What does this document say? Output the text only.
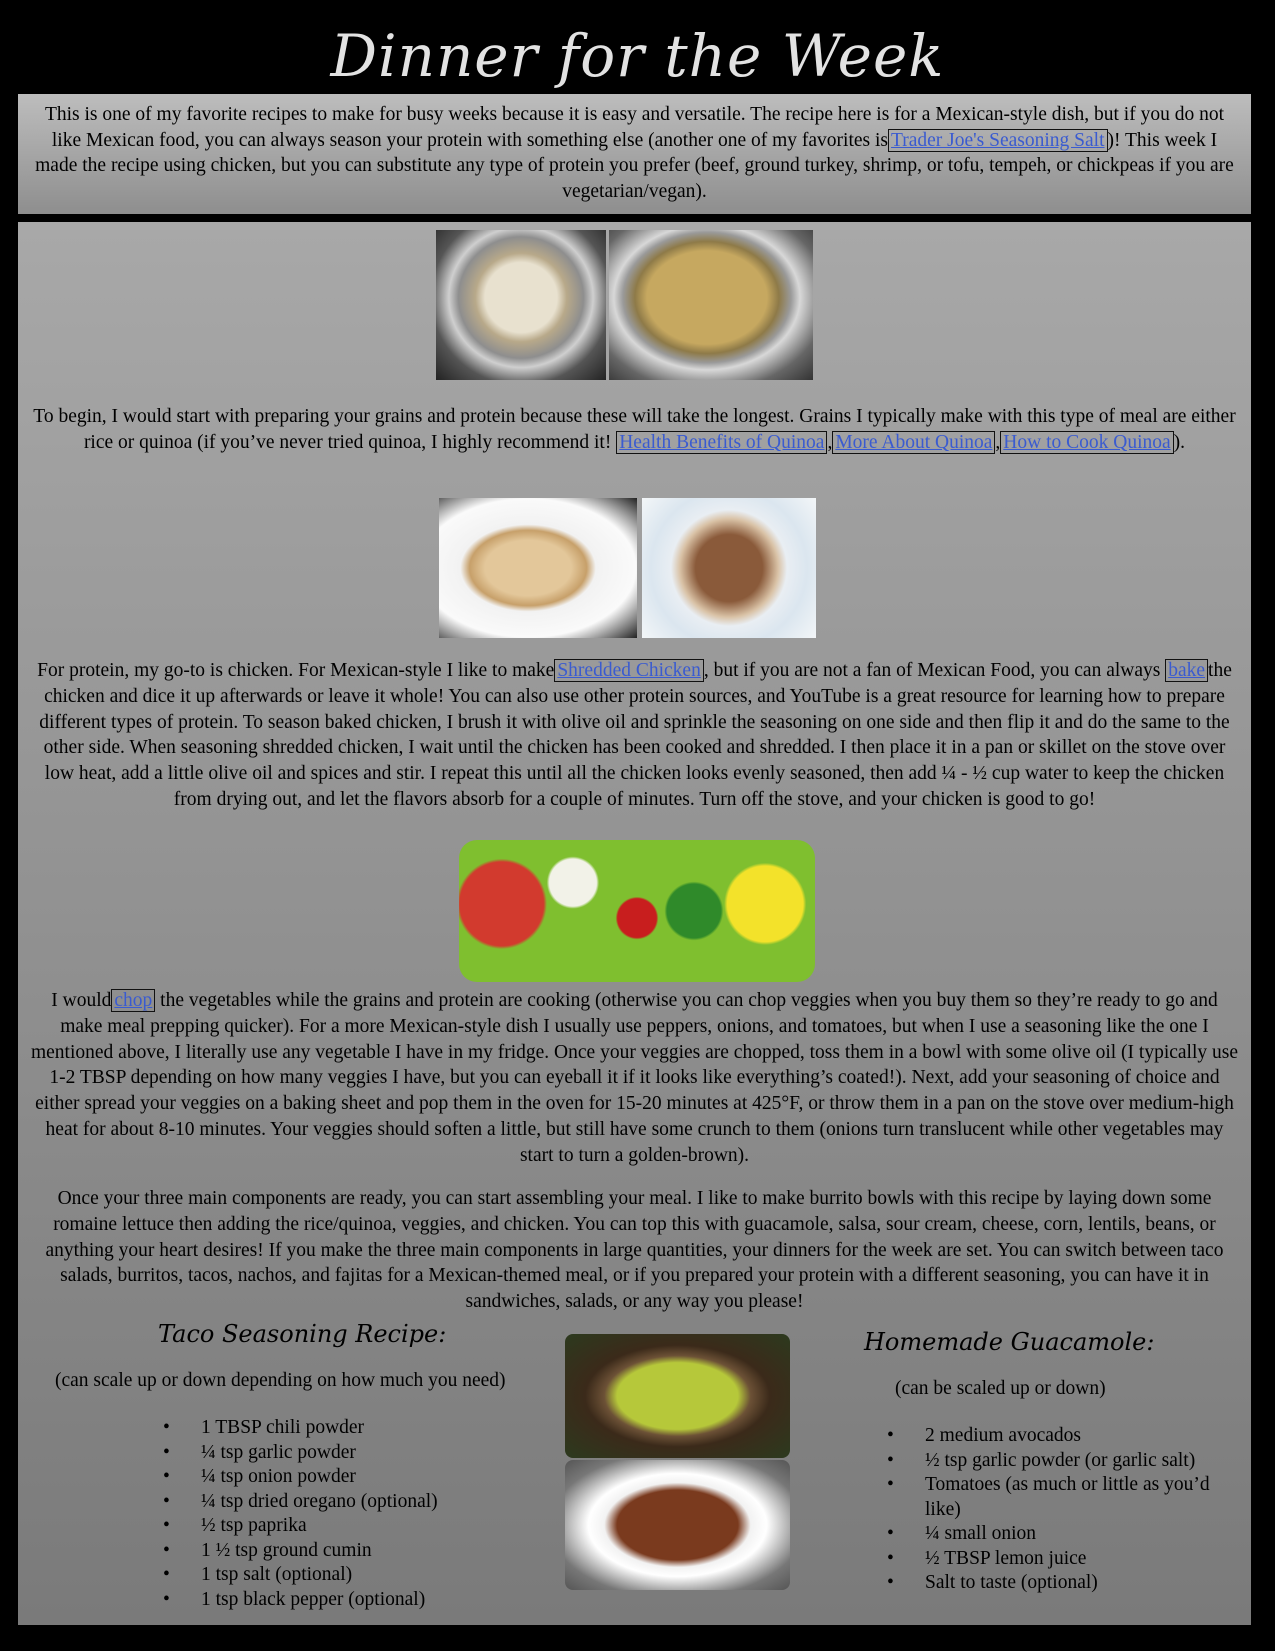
Dinner for the Week
This is one of my favorite recipes to make for busy weeks because it is easy and versatile. The recipe here is for a Mexican-style dish, but if you do not like Mexican food, you can always season your protein with something else (another one of my favorites is Trader Joe's Seasoning Salt )! This week I made the recipe using chicken, but you can substitute any type of protein you prefer (beef, ground turkey, shrimp, or tofu, tempeh, or chickpeas if you are vegetarian/vegan).

To begin, I would start with preparing your grains and protein because these will take the longest. Grains I typically make with this type of meal are either rice or quinoa (if you’ve never tried quinoa, I highly recommend it! Health Benefits of Quinoa , More About Quinoa , How to Cook Quinoa ).

For protein, my go-to is chicken. For Mexican-style I like to make Shredded Chicken , but if you are not a fan of Mexican Food, you can always bake the chicken and dice it up afterwards or leave it whole! You can also use other protein sources, and YouTube is a great resource for learning how to prepare different types of protein. To season baked chicken, I brush it with olive oil and sprinkle the seasoning on one side and then flip it and do the same to the other side. When seasoning shredded chicken, I wait until the chicken has been cooked and shredded. I then place it in a pan or skillet on the stove over low heat, add a little olive oil and spices and stir. I repeat this until all the chicken looks evenly seasoned, then add ¼ - ½ cup water to keep the chicken from drying out, and let the flavors absorb for a couple of minutes. Turn off the stove, and your chicken is good to go!

I would chop the vegetables while the grains and protein are cooking (otherwise you can chop veggies when you buy them so they’re ready to go and make meal prepping quicker). For a more Mexican-style dish I usually use peppers, onions, and tomatoes, but when I use a seasoning like the one I mentioned above, I literally use any vegetable I have in my fridge. Once your veggies are chopped, toss them in a bowl with some olive oil (I typically use 1-2 TBSP depending on how many veggies I have, but you can eyeball it if it looks like everything’s coated!). Next, add your seasoning of choice and either spread your veggies on a baking sheet and pop them in the oven for 15-20 minutes at 425°F, or throw them in a pan on the stove over medium-high heat for about 8-10 minutes. Your veggies should soften a little, but still have some crunch to them (onions turn translucent while other vegetables may start to turn a golden-brown).

Once your three main components are ready, you can start assembling your meal. I like to make burrito bowls with this recipe by laying down some romaine lettuce then adding the rice/quinoa, veggies, and chicken. You can top this with guacamole, salsa, sour cream, cheese, corn, lentils, beans, or anything your heart desires! If you make the three main components in large quantities, your dinners for the week are set. You can switch between taco salads, burritos, tacos, nachos, and fajitas for a Mexican-themed meal, or if you prepared your protein with a different seasoning, you can have it in sandwiches, salads, or any way you please!

Taco Seasoning Recipe:
(can scale up or down depending on how much you need)
• 1 TBSP chili powder
• ¼ tsp garlic powder
• ¼ tsp onion powder
• ¼ tsp dried oregano (optional)
• ½ tsp paprika
• 1 ½ tsp ground cumin
• 1 tsp salt (optional)
• 1 tsp black pepper (optional)
Homemade Guacamole:
(can be scaled up or down)
• 2 medium avocados
• ½ tsp garlic powder (or garlic salt)
• Tomatoes (as much or little as you’d like)
• ¼ small onion
• ½ TBSP lemon juice
• Salt to taste (optional)
